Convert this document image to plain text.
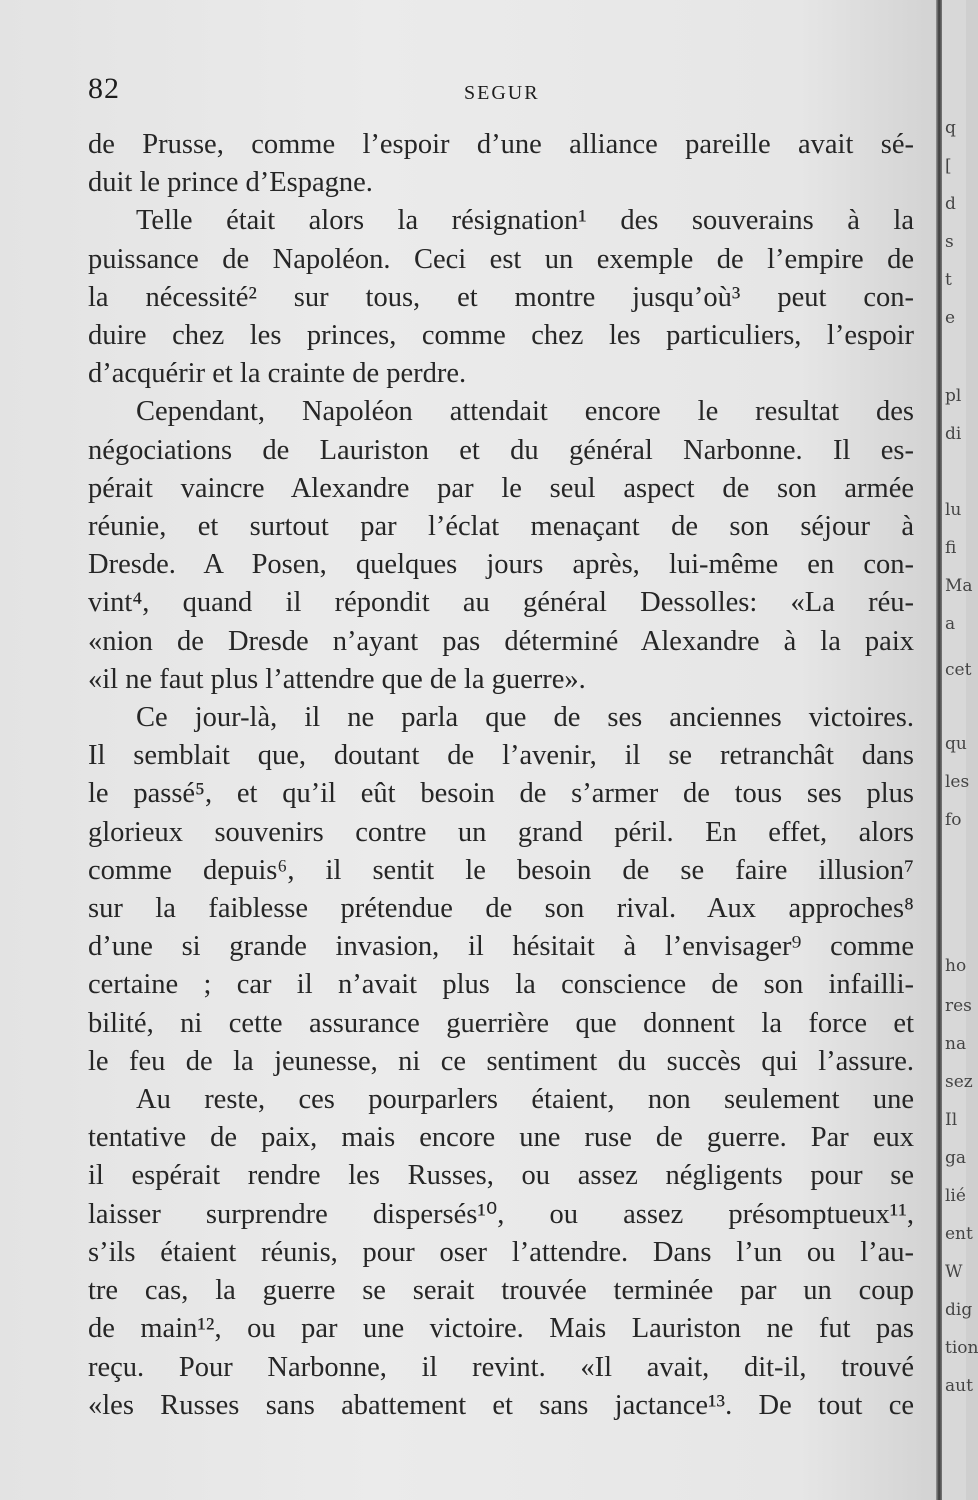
82	SEGUR
de Prusse, comme l’espoir d’une alliance pareille avait sé-
duit le prince d’Espagne.
Telle était alors la résignation¹ des souverains à la
puissance de Napoléon. Ceci est un exemple de l’empire de
la nécessité² sur tous, et montre jusqu’où³ peut con-
duire chez les princes, comme chez les particuliers, l’espoir
d’acquérir et la crainte de perdre.
Cependant, Napoléon attendait encore le resultat des
négociations de Lauriston et du général Narbonne. Il es-
pérait vaincre Alexandre par le seul aspect de son armée
réunie, et surtout par l’éclat menaçant de son séjour à
Dresde. A Posen, quelques jours après, lui-même en con-
vint⁴, quand il répondit au général Dessolles: «La réu-
«nion de Dresde n’ayant pas déterminé Alexandre à la paix
«il ne faut plus l’attendre que de la guerre».
Ce jour-là, il ne parla que de ses anciennes victoires.
Il semblait que, doutant de l’avenir, il se retranchât dans
le passé⁵, et qu’il eût besoin de s’armer de tous ses plus
glorieux souvenirs contre un grand péril. En effet, alors
comme depuis⁶, il sentit le besoin de se faire illusion⁷
sur la faiblesse prétendue de son rival. Aux approches⁸
d’une si grande invasion, il hésitait à l’envisager⁹ comme
certaine ; car il n’avait plus la conscience de son infailli-
bilité, ni cette assurance guerrière que donnent la force et
le feu de la jeunesse, ni ce sentiment du succès qui l’assure.
Au reste, ces pourparlers étaient, non seulement une
tentative de paix, mais encore une ruse de guerre. Par eux
il espérait rendre les Russes, ou assez négligents pour se
laisser surprendre dispersés¹⁰, ou assez présomptueux¹¹,
s’ils étaient réunis, pour oser l’attendre. Dans l’un ou l’au-
tre cas, la guerre se serait trouvée terminée par un coup
de main¹², ou par une victoire. Mais Lauriston ne fut pas
reçu. Pour Narbonne, il revint. «Il avait, dit-il, trouvé
«les Russes sans abattement et sans jactance¹³. De tout ce
q
[
d
s
t
e
pl
di
lu
fi
Ma
a
cet
qu
les
fo
ho
res
na
sez
Il
ga
lié
ent
W
dig
tion
aut
